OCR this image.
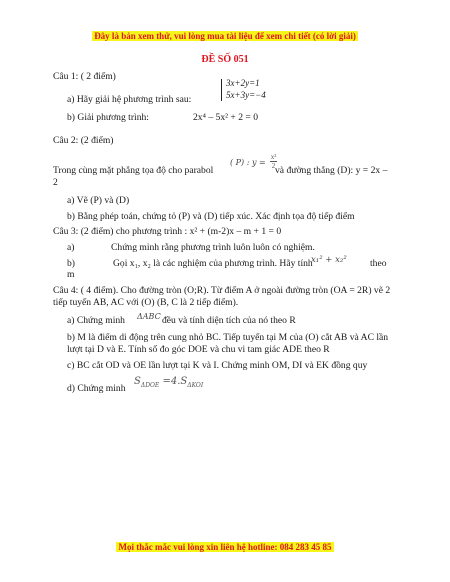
Đây là bản xem thử, vui lòng mua tài liệu để xem chi tiết (có lời giải)
ĐỀ SỐ 051
Câu 1: ( 2 điểm)
3x+2y=1
5x+3y=−4
a) Hãy giải hệ phương trình sau:
b) Giải phương trình:	2x⁴ – 5x² + 2 = 0
Câu 2: (2 điểm)
Trong cùng mặt phẳng tọa độ cho parabol
( P) : $y = \frac{\text{x²}}{2}$
và đường thẳng (D): y = 2x –
2
a) Vẽ (P) và (D)
b) Bằng phép toán, chứng tỏ (P) và (D) tiếp xúc. Xác định tọa độ tiếp điểm
Câu 3: (2 điểm) cho phương trình : x² + (m-2)x – m + 1 = 0
a)	Chứng minh rằng phương trình luôn luôn có nghiệm.
b)	Gọi x₁, x₂ là các nghiệm của phương trình. Hãy tính
x₁² + x₂² theo
m
Câu 4: ( 4 điểm). Cho đường tròn (O;R). Từ điểm A ở ngoài đường tròn (OA = 2R) vẽ 2 tiếp tuyến AB, AC với (O) (B, C là 2 tiếp điểm).
a) Chứng minh ΔABC đều và tính diện tích của nó theo R
b) M là điểm di động trên cung nhỏ BC. Tiếp tuyến tại M của (O) cắt AB và AC lần lượt tại D và E. Tính số đo góc DOE và chu vi tam giác ADE theo R
c) BC cắt OD và OE lần lượt tại K và I. Chứng minh OM, DI và EK đồng quy
d) Chứng minh
$S_{\Delta DOE} =4.S_{\Delta KOI}$
Mọi thắc mắc vui lòng xin liên hệ hotline: 084 283 45 85
